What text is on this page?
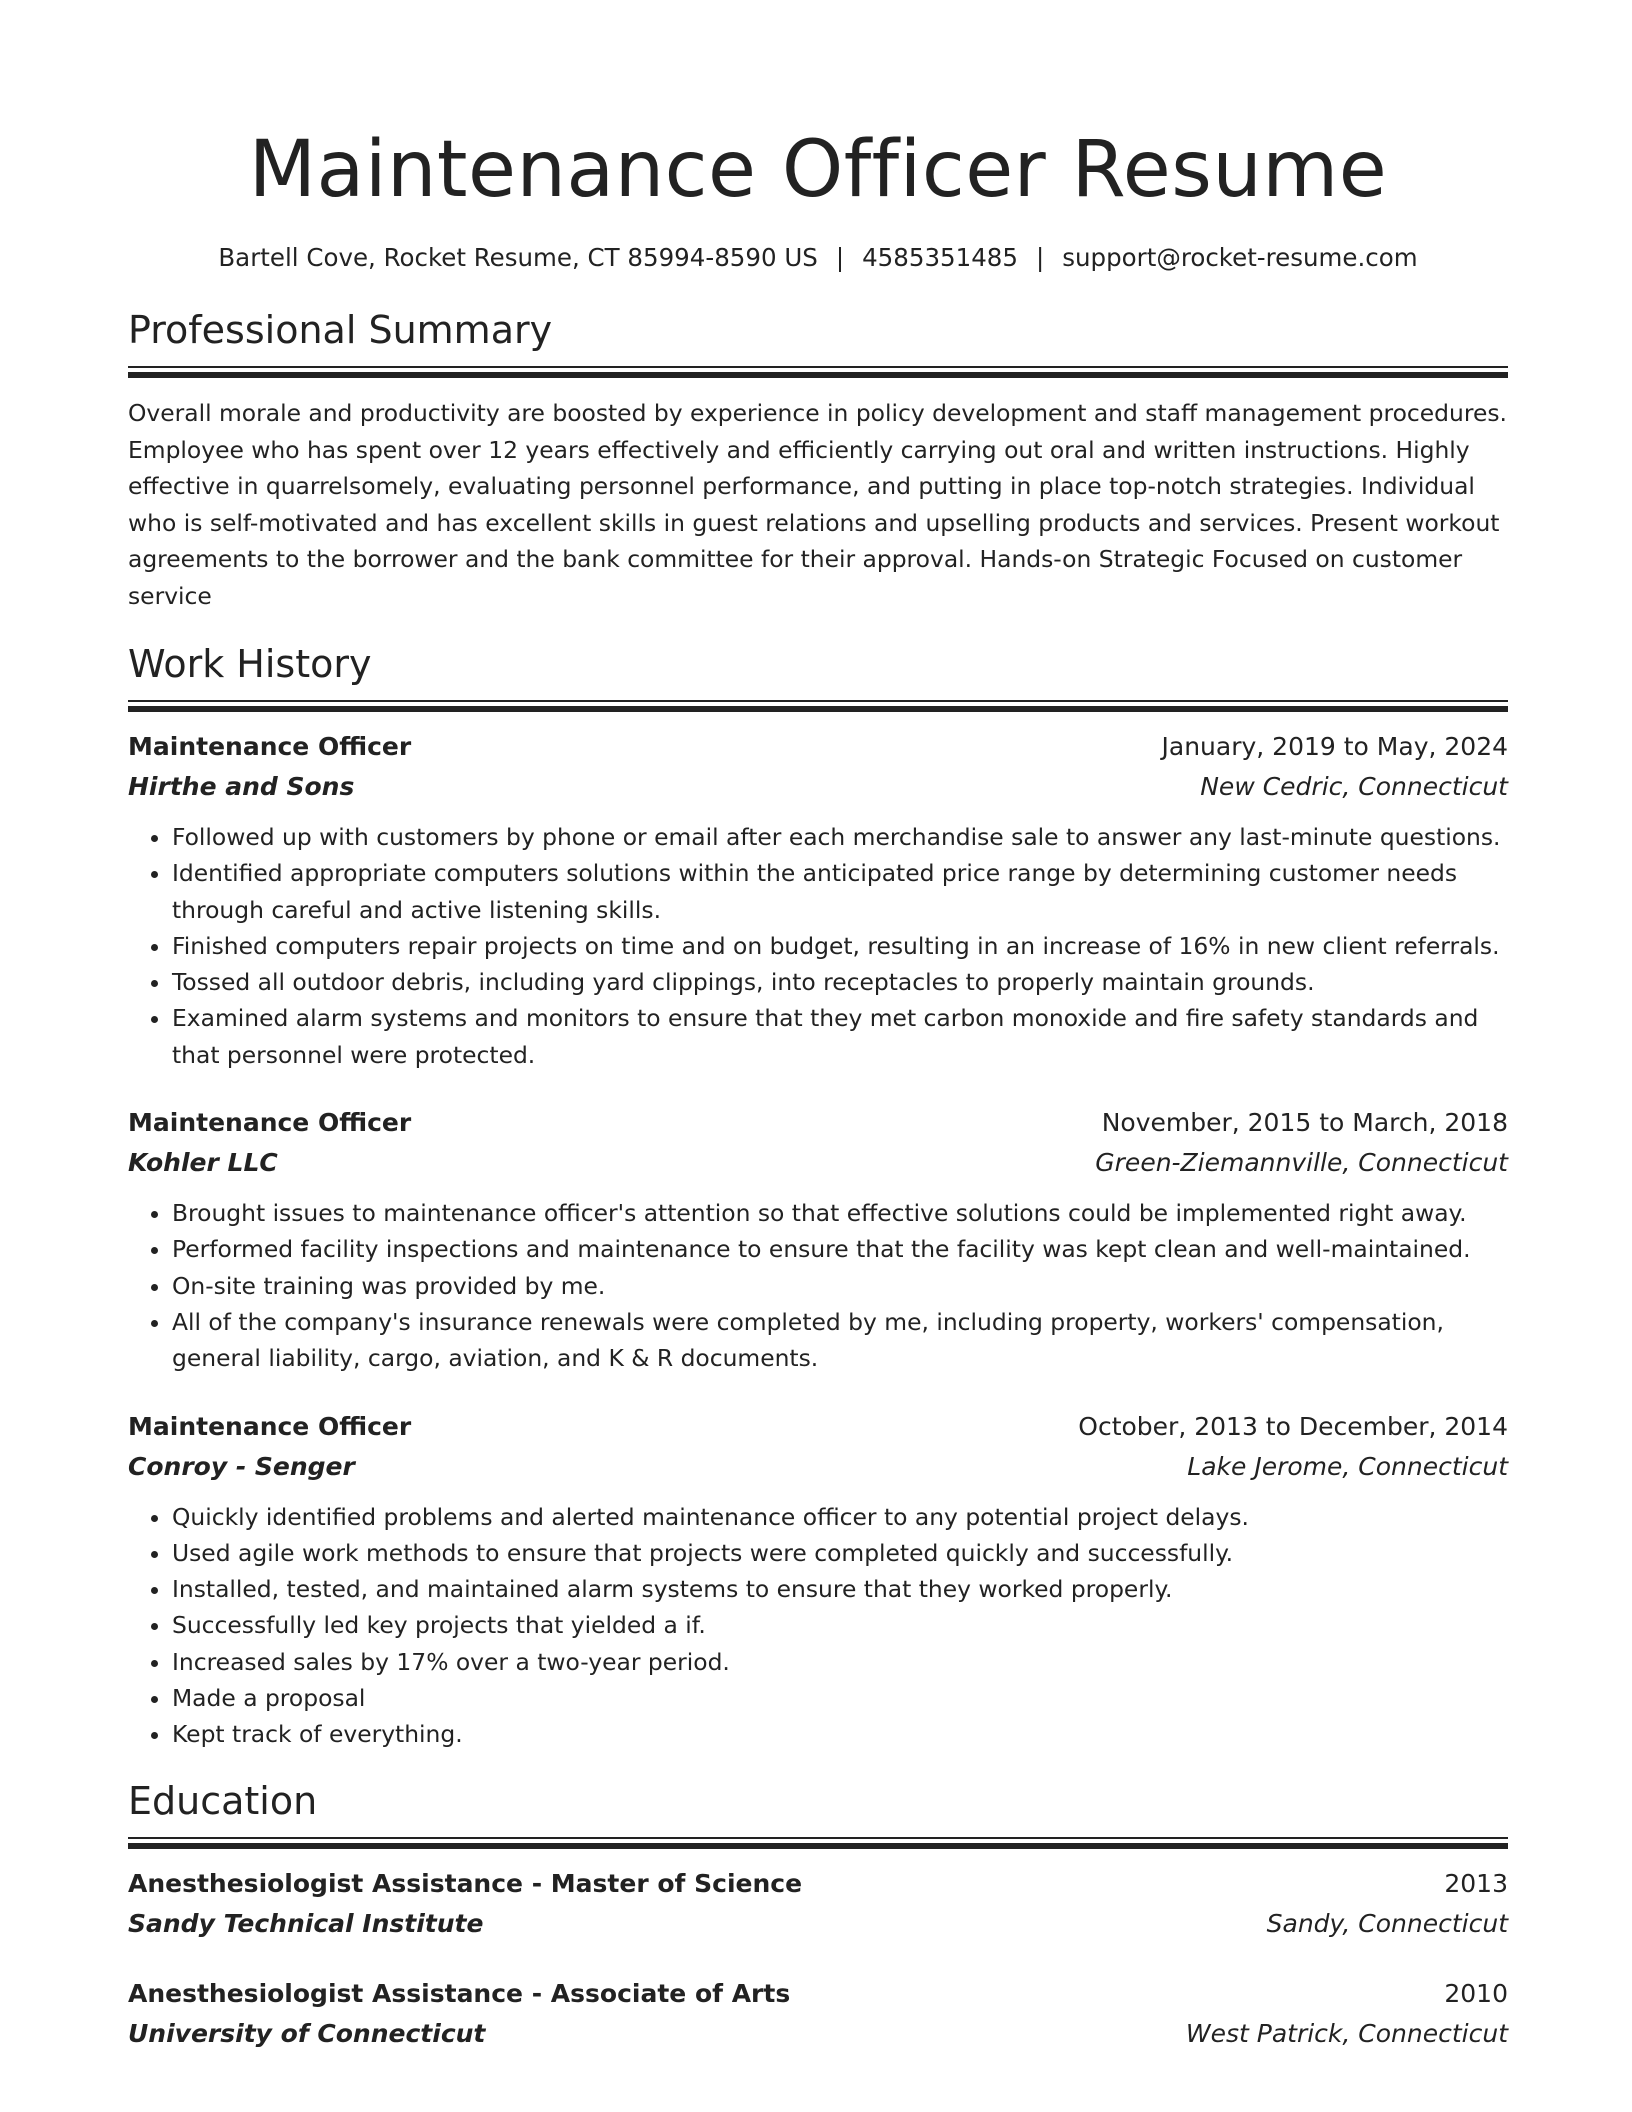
Maintenance Officer Resume
Bartell Cove, Rocket Resume, CT 85994-8590 US | 4585351485 | support@rocket-resume.com
Professional Summary
Overall morale and productivity are boosted by experience in policy development and staff management procedures. Employee who has spent over 12 years effectively and efficiently carrying out oral and written instructions. Highly effective in quarrelsomely, evaluating personnel performance, and putting in place top-notch strategies. Individual who is self-motivated and has excellent skills in guest relations and upselling products and services. Present workout agreements to the borrower and the bank committee for their approval. Hands-on Strategic Focused on customer service
Work History
Maintenance Officer	January, 2019 to May, 2024
Hirthe and Sons	New Cedric, Connecticut
• Followed up with customers by phone or email after each merchandise sale to answer any last-minute questions.
• Identified appropriate computers solutions within the anticipated price range by determining customer needs through careful and active listening skills.
• Finished computers repair projects on time and on budget, resulting in an increase of 16% in new client referrals.
• Tossed all outdoor debris, including yard clippings, into receptacles to properly maintain grounds.
• Examined alarm systems and monitors to ensure that they met carbon monoxide and fire safety standards and that personnel were protected.
Maintenance Officer	November, 2015 to March, 2018
Kohler LLC	Green-Ziemannville, Connecticut
• Brought issues to maintenance officer's attention so that effective solutions could be implemented right away.
• Performed facility inspections and maintenance to ensure that the facility was kept clean and well-maintained.
• On-site training was provided by me.
• All of the company's insurance renewals were completed by me, including property, workers' compensation, general liability, cargo, aviation, and K & R documents.
Maintenance Officer	October, 2013 to December, 2014
Conroy - Senger	Lake Jerome, Connecticut
• Quickly identified problems and alerted maintenance officer to any potential project delays.
• Used agile work methods to ensure that projects were completed quickly and successfully.
• Installed, tested, and maintained alarm systems to ensure that they worked properly.
• Successfully led key projects that yielded a if.
• Increased sales by 17% over a two-year period.
• Made a proposal
• Kept track of everything.
Education
Anesthesiologist Assistance - Master of Science	2013
Sandy Technical Institute	Sandy, Connecticut
Anesthesiologist Assistance - Associate of Arts	2010
University of Connecticut	West Patrick, Connecticut
